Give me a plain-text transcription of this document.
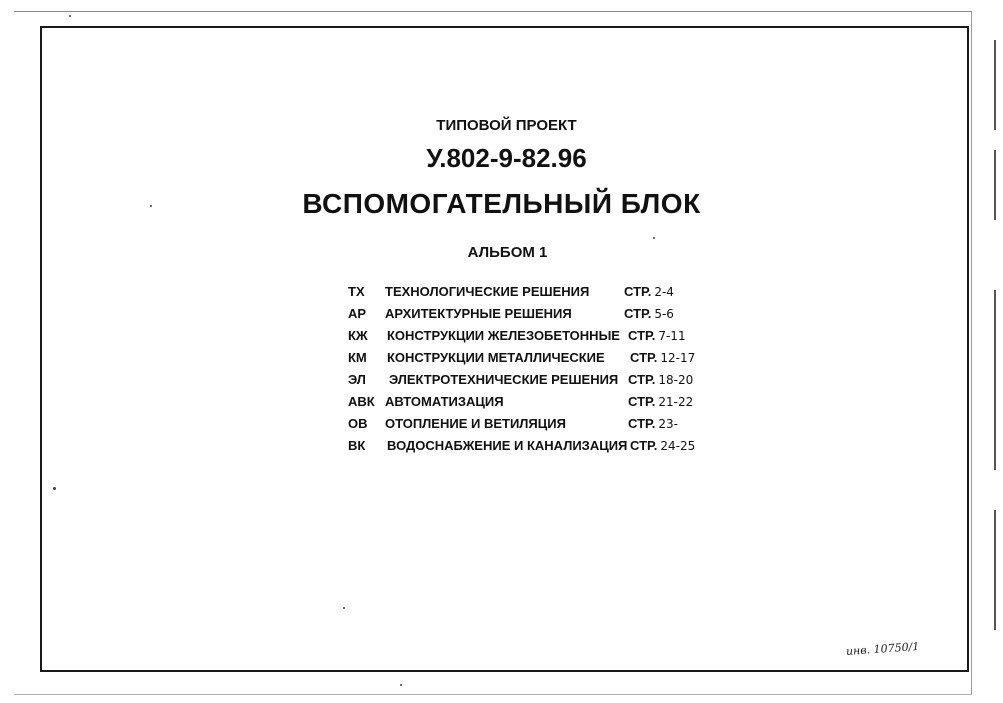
ТИПОВОЙ ПРОЕКТ
У.802-9-82.96
ВСПОМОГАТЕЛЬНЫЙ БЛОК
АЛЬБОМ 1
ТХ ТЕХНОЛОГИЧЕСКИЕ РЕШЕНИЯ	СТР. 2-4
АР АРХИТЕКТУРНЫЕ РЕШЕНИЯ	СТР. 5-6
КЖ КОНСТРУКЦИИ ЖЕЛЕЗОБЕТОННЫЕ СТР. 7-11
КМ КОНСТРУКЦИИ МЕТАЛЛИЧЕСКИЕ СТР. 12-17
ЭЛ ЭЛЕКТРОТЕХНИЧЕСКИЕ РЕШЕНИЯ СТР. 18-20
АВК АВТОМАТИЗАЦИЯ	СТР. 21-22
ОВ ОТОПЛЕНИЕ И ВЕТИЛЯЦИЯ	СТР. 23-
ВК ВОДОСНАБЖЕНИЕ И КАНАЛИЗАЦИЯ СТР. 24-25
инв. 10750/1
